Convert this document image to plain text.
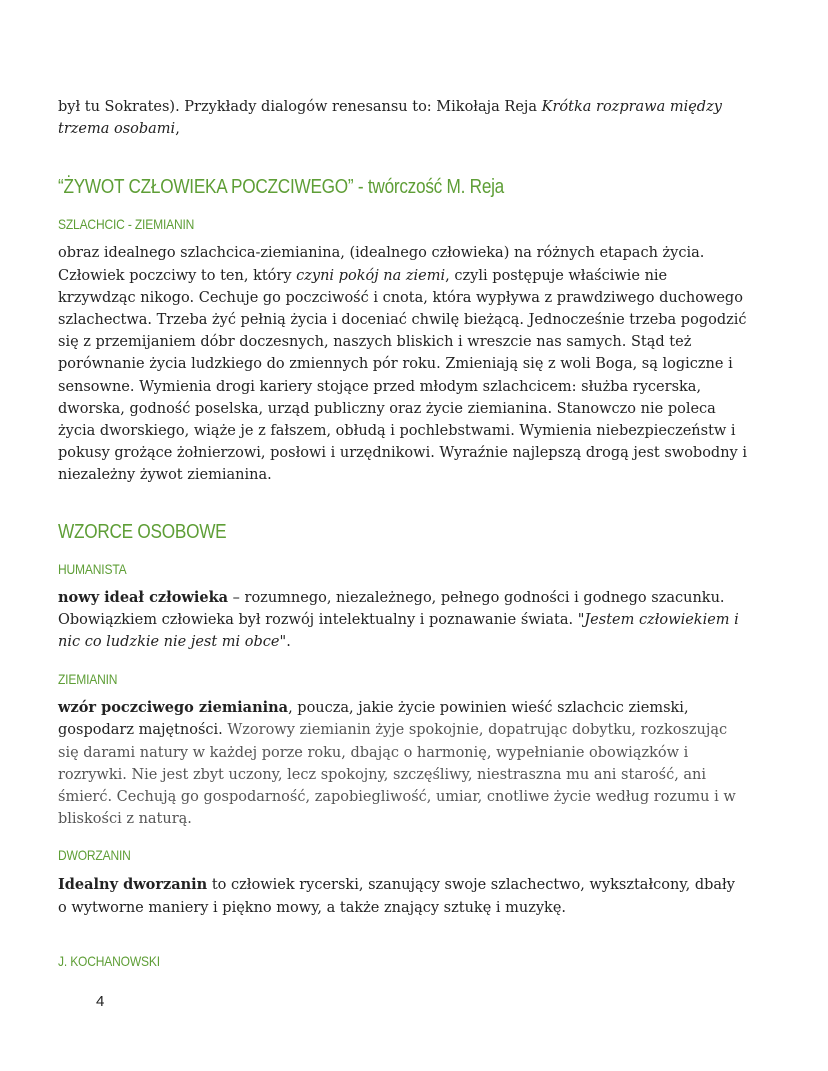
był tu Sokrates). Przykłady dialogów renesansu to: Mikołaja Reja Krótka rozprawa między trzema osobami,

“ŻYWOT CZŁOWIEKA POCZCIWEGO” - twórczość M. Reja
SZLACHCIC - ZIEMIANIN

obraz idealnego szlachcica-ziemianina, (idealnego człowieka) na różnych etapach życia. Człowiek poczciwy to ten, który czyni pokój na ziemi, czyli postępuje właściwie nie krzywdząc nikogo. Cechuje go poczciwość i cnota, która wypływa z prawdziwego duchowego szlachectwa. Trzeba żyć pełnią życia i doceniać chwilę bieżącą. Jednocześnie trzeba pogodzić się z przemijaniem dóbr doczesnych, naszych bliskich i wreszcie nas samych. Stąd też porównanie życia ludzkiego do zmiennych pór roku. Zmieniają się z woli Boga, są logiczne i sensowne. Wymienia drogi kariery stojące przed młodym szlachcicem: służba rycerska, dworska, godność poselska, urząd publiczny oraz życie ziemianina. Stanowczo nie poleca życia dworskiego, wiąże je z fałszem, obłudą i pochlebstwami. Wymienia niebezpieczeństw i pokusy grożące żołnierzowi, posłowi i urzędnikowi. Wyraźnie najlepszą drogą jest swobodny i niezależny żywot ziemianina.

WZORCE OSOBOWE
HUMANISTA

nowy ideał człowieka – rozumnego, niezależnego, pełnego godności i godnego szacunku. Obowiązkiem człowieka był rozwój intelektualny i poznawanie świata. "Jestem człowiekiem i nic co ludzkie nie jest mi obce".

ZIEMIANIN

wzór poczciwego ziemianina, poucza, jakie życie powinien wieść szlachcic ziemski, gospodarz majętności. Wzorowy ziemianin żyje spokojnie, dopatrując dobytku, rozkoszując się darami natury w każdej porze roku, dbając o harmonię, wypełnianie obowiązków i rozrywki. Nie jest zbyt uczony, lecz spokojny, szczęśliwy, niestraszna mu ani starość, ani śmierć. Cechują go gospodarność, zapobiegliwość, umiar, cnotliwe życie według rozumu i w bliskości z naturą.

DWORZANIN

Idealny dworzanin to człowiek rycerski, szanujący swoje szlachectwo, wykształcony, dbały o wytworne maniery i piękno mowy, a także znający sztukę i muzykę.

J. KOCHANOWSKI
4
